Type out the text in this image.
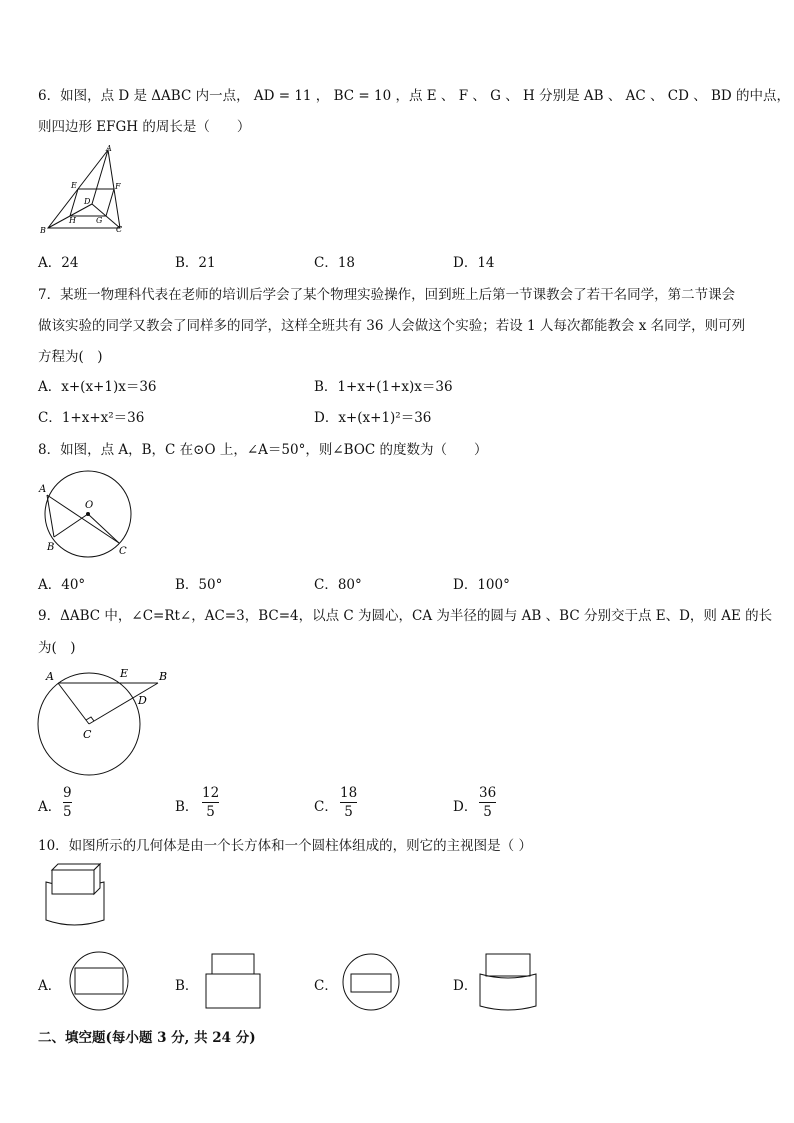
6．如图，点 D 是 ΔABC 内一点， AD = 11 ， BC = 10 ，点 E 、 F 、 G 、 H 分别是 AB 、 AC 、 CD 、 BD 的中点，
则四边形 EFGH 的周长是（　　）
A
B	C
D
E	F
G
H
A．24	B．21	C．18	D．14
7．某班一物理科代表在老师的培训后学会了某个物理实验操作，回到班上后第一节课教会了若干名同学，第二节课会
做该实验的同学又教会了同样多的同学，这样全班共有 36 人会做这个实验；若设 1 人每次都能教会 x 名同学，则可列
方程为(　)
A．x+(x+1)x＝36	B．1+x+(1+x)x＝36
C．1+x+x²＝36	D．x+(x+1)²＝36
8．如图，点 A，B，C 在⊙O 上，∠A＝50°，则∠BOC 的度数为（　　）
A
O
B	C
A．40°	B．50°	C．80°	D．100°
9．ΔABC 中，∠C=Rt∠，AC=3，BC=4，以点 C 为圆心，CA 为半径的圆与 AB 、BC 分别交于点 E、D，则 AE 的长
为(　)
A	E	B
D
C
A．
9
5	B．
12
5	C．
18
5	D．
36
5
10．如图所示的几何体是由一个长方体和一个圆柱体组成的，则它的主视图是（ ）
A．	B．	C．	D．
二、填空题(每小题 3 分, 共 24 分)
